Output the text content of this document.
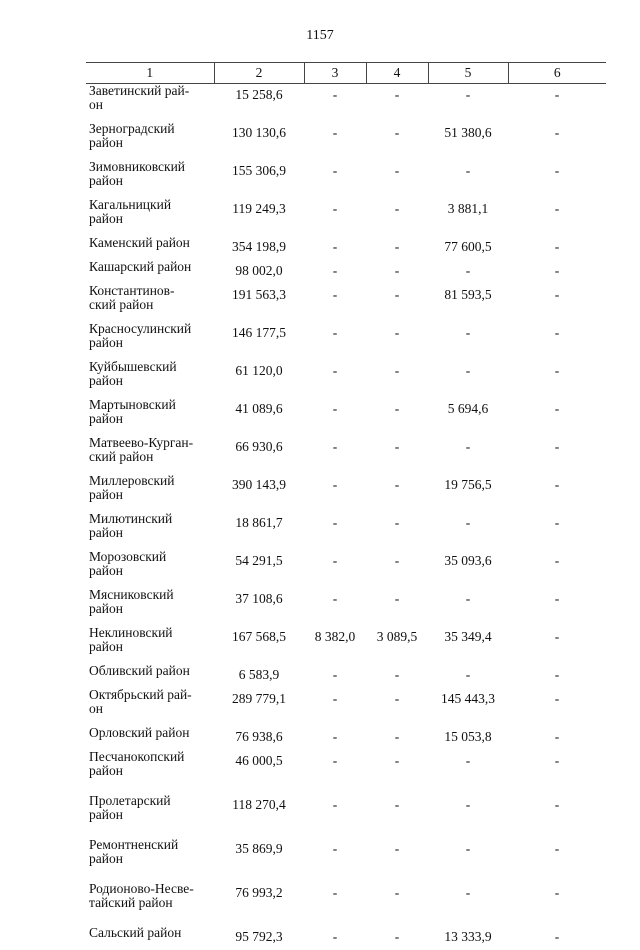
1157
1	2	3	4	5	6
Заветинский рай-
он	15 258,6	-	-	-	-
Зерноградский
район	130 130,6	-	-	51 380,6	-
Зимовниковский
район	155 306,9	-	-	-	-
Кагальницкий
район	119 249,3	-	-	3 881,1	-
Каменский район	354 198,9	-	-	77 600,5	-
Кашарский район	98 002,0	-	-	-	-
Константинов-
ский район	191 563,3	-	-	81 593,5	-
Красносулинский
район	146 177,5	-	-	-	-
Куйбышевский
район	61 120,0	-	-	-	-
Мартыновский
район	41 089,6	-	-	5 694,6	-
Матвеево-Курган-
ский район	66 930,6	-	-	-	-
Миллеровский
район	390 143,9	-	-	19 756,5	-
Милютинский
район	18 861,7	-	-	-	-
Морозовский
район	54 291,5	-	-	35 093,6	-
Мясниковский
район	37 108,6	-	-	-	-
Неклиновский
район	167 568,5	8 382,0	3 089,5	35 349,4	-
Обливский район	6 583,9	-	-	-	-
Октябрьский рай-
он	289 779,1	-	-	145 443,3	-
Орловский район	76 938,6	-	-	15 053,8	-
Песчанокопский
район	46 000,5	-	-	-	-
Пролетарский
район	118 270,4	-	-	-	-
Ремонтненский
район	35 869,9	-	-	-	-
Родионово-Несве-
тайский район	76 993,2	-	-	-	-
Сальский район	95 792,3	-	-	13 333,9	-
